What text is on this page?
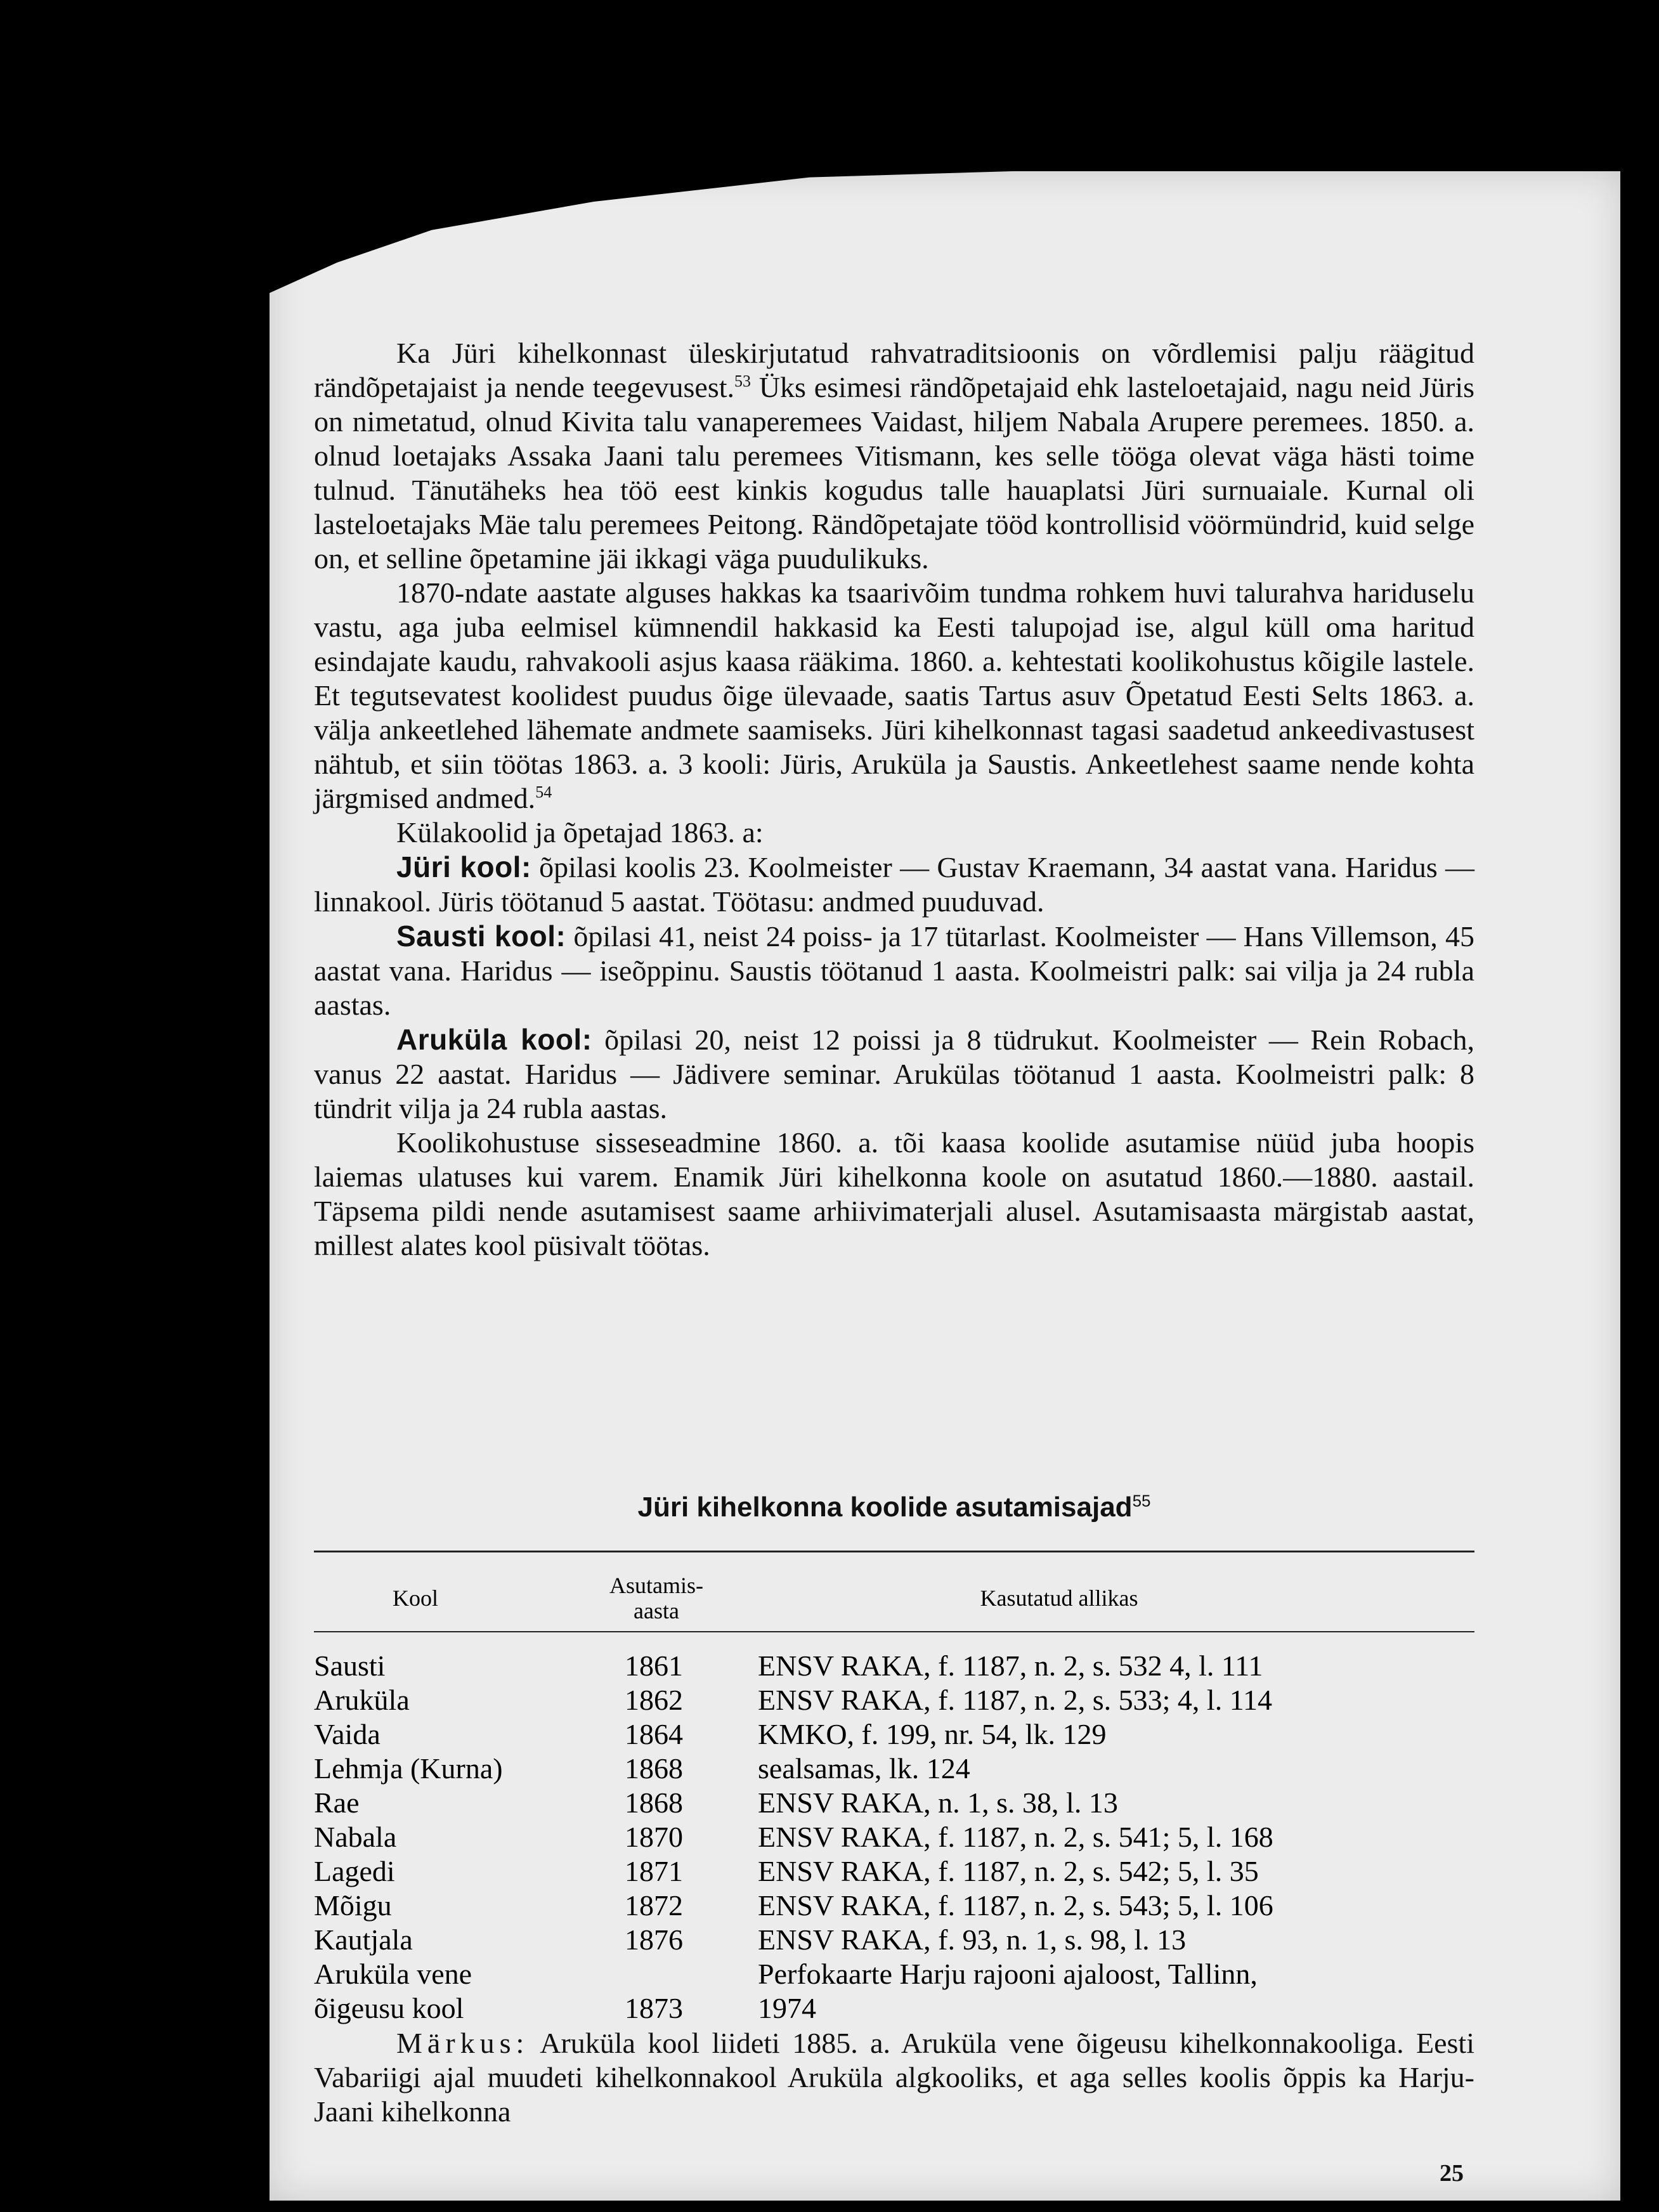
Ka Jüri kihelkonnast üleskirjutatud rahvatraditsioonis on võrdlemisi palju räägitud rändõpetajaist ja nende teegevusest.$^{53}$ Üks esimesi rändõpetajaid ehk lasteloetajaid, nagu neid Jüris on nimetatud, olnud Kivita talu vanaperemees Vaidast, hiljem Nabala Arupere peremees. 1850. a. olnud loetajaks Assaka Jaani talu peremees Vitismann, kes selle tööga olevat väga hästi toime tulnud. Tänutäheks hea töö eest kinkis kogudus talle hauaplatsi Jüri surnuaiale. Kurnal oli lasteloetajaks Mäe talu peremees Peitong. Rändõpetajate tööd kontrollisid vöörmündrid, kuid selge on, et selline õpetamine jäi ikkagi väga puudulikuks.

1870-ndate aastate alguses hakkas ka tsaarivõim tundma rohkem huvi talurahva hariduselu vastu, aga juba eelmisel kümnendil hakkasid ka Eesti talupojad ise, algul küll oma haritud esindajate kaudu, rahvakooli asjus kaasa rääkima. 1860. a. kehtestati koolikohustus kõigile lastele. Et tegutsevatest koolidest puudus õige ülevaade, saatis Tartus asuv Õpetatud Eesti Selts 1863. a. välja ankeetlehed lähemate andmete saamiseks. Jüri kihelkonnast tagasi saadetud ankeedivastusest nähtub, et siin töötas 1863. a. 3 kooli: Jüris, Aruküla ja Saustis. Ankeetlehest saame nende kohta järgmised andmed.$^{54}$

Külakoolid ja õpetajad 1863. a:

Jüri kool: õpilasi koolis 23. Koolmeister — Gustav Kraemann, 34 aastat vana. Haridus — linnakool. Jüris töötanud 5 aastat. Töötasu: andmed puuduvad.

Sausti kool: õpilasi 41, neist 24 poiss- ja 17 tütarlast. Koolmeister — Hans Villemson, 45 aastat vana. Haridus — iseõppinu. Saustis töötanud 1 aasta. Koolmeistri palk: sai vilja ja 24 rubla aastas.

Aruküla kool: õpilasi 20, neist 12 poissi ja 8 tüdrukut. Koolmeister — Rein Robach, vanus 22 aastat. Haridus — Jädivere seminar. Arukülas töötanud 1 aasta. Koolmeistri palk: 8 tündrit vilja ja 24 rubla aastas.

Koolikohustuse sisseseadmine 1860. a. tõi kaasa koolide asutamise nüüd juba hoopis laiemas ulatuses kui varem. Enamik Jüri kihelkonna koole on asutatud 1860.—1880. aastail. Täpsema pildi nende asutamisest saame arhiivimaterjali alusel. Asutamisaasta märgistab aastat, millest alates kool püsivalt töötas.

Jüri kihelkonna koolide asutamisajad$^{55}$
Kool	Asutamis-aasta	Kasutatud allikas
Sausti	1861	ENSV RAKA, f. 1187, n. 2, s. 532 4, l. 111
Aruküla	1862	ENSV RAKA, f. 1187, n. 2, s. 533; 4, l. 114
Vaida	1864	KMKO, f. 199, nr. 54, lk. 129
Lehmja (Kurna)	1868	sealsamas, lk. 124
Rae	1868	ENSV RAKA, n. 1, s. 38, l. 13
Nabala	1870	ENSV RAKA, f. 1187, n. 2, s. 541; 5, l. 168
Lagedi	1871	ENSV RAKA, f. 1187, n. 2, s. 542; 5, l. 35
Mõigu	1872	ENSV RAKA, f. 1187, n. 2, s. 543; 5, l. 106
Kautjala	1876	ENSV RAKA, f. 93, n. 1, s. 98, l. 13
Aruküla vene		Perfokaarte Harju rajooni ajaloost, Tallinn,
õigeusu kool	1873	1974

Märkus: Aruküla kool liideti 1885. a. Aruküla vene õigeusu kihelkonnakooliga. Eesti Vabariigi ajal muudeti kihelkonnakool Aruküla algkooliks, et aga selles koolis õppis ka Harju-Jaani kihelkonna

25
